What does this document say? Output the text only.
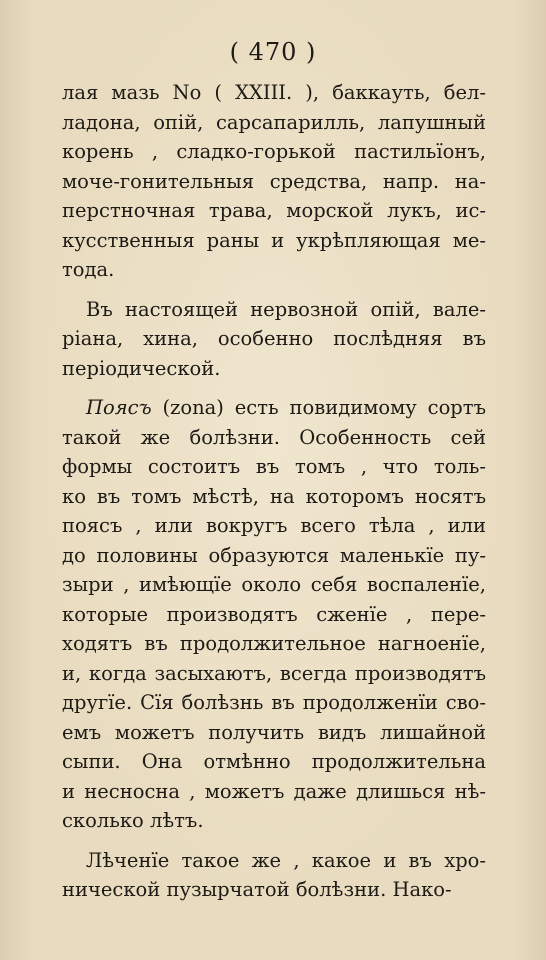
( 470 )
лая мазь No ( XXIII. ), баккауть, бел-
ладона, опій, сарсапарилль, лапушный
корень , сладко-горькой пастильїонъ,
моче-гонительныя средства, напр. на-
перстночная трава, морской лукъ, ис-
кусственныя раны и укрѣпляющая ме-
тода.
Въ настоящей нервозной опій, вале-
ріана, хина, особенно послѣдняя въ
періодической.
Поясъ (zona) есть повидимому сортъ
такой же болѣзни. Особенность сей
формы состоитъ въ томъ , что толь-
ко въ томъ мѣстѣ, на которомъ носятъ
поясъ , или вокругъ всего тѣла , или
до половины образуются маленькїе пу-
зыри , имѣющїе около себя воспаленїе,
которые производятъ сженїе , пере-
ходятъ въ продолжительное нагноенїе,
и, когда засыхаютъ, всегда производятъ
другїе. Сїя болѣзнь въ продолженїи сво-
емъ можетъ получить видъ лишайной
сыпи. Она отмѣнно продолжительна
и несносна , можетъ даже длишься нѣ-
сколько лѣтъ.
Лѣченїе такое же , какое и въ хро-
нической пузырчатой болѣзни. Нако-
